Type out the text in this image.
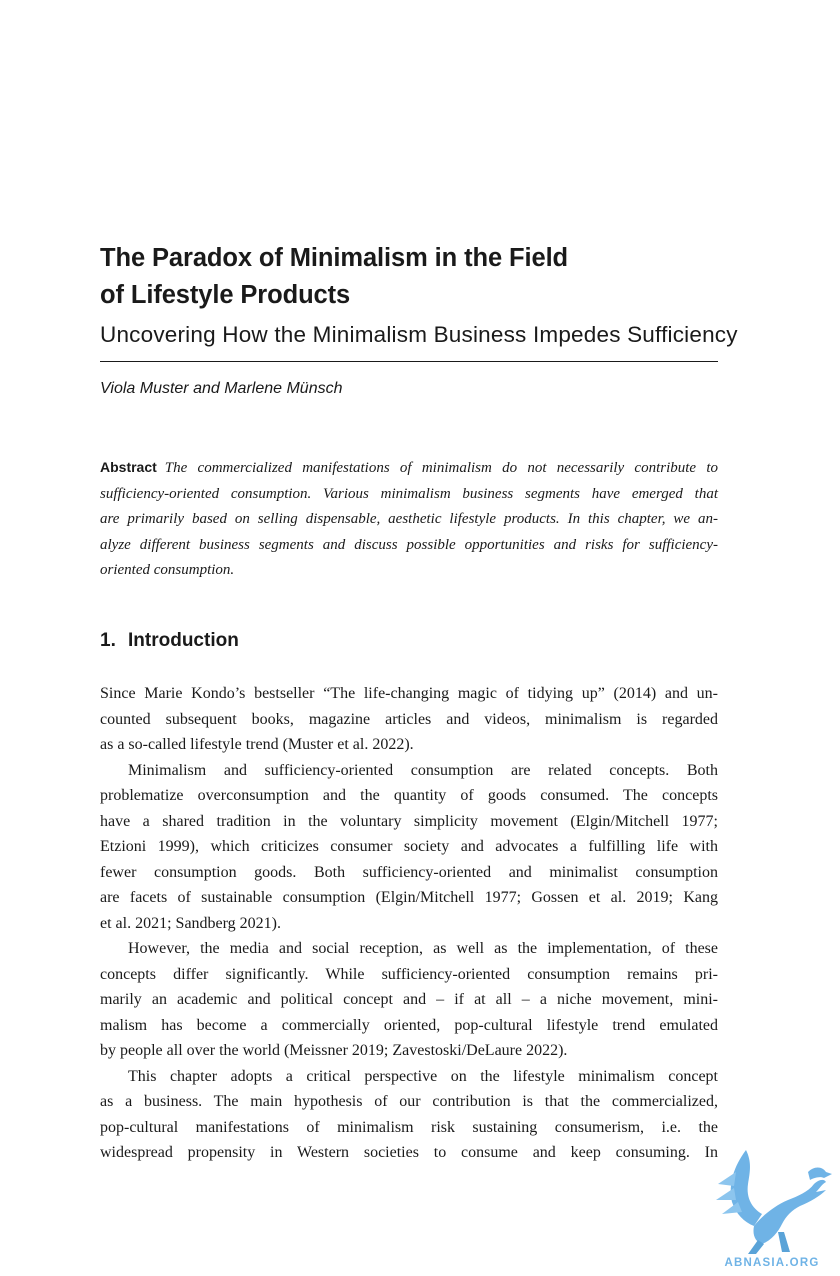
The Paradox of Minimalism in the Field
of Lifestyle Products
Uncovering How the Minimalism Business Impedes Sufficiency
Viola Muster and Marlene Münsch
Abstract The commercialized manifestations of minimalism do not necessarily contribute to
sufficiency-oriented consumption. Various minimalism business segments have emerged that
are primarily based on selling dispensable, aesthetic lifestyle products. In this chapter, we an-
alyze different business segments and discuss possible opportunities and risks for sufficiency-
oriented consumption.
1. Introduction
Since Marie Kondo’s bestseller “The life-changing magic of tidying up” (2014) and un-
counted subsequent books, magazine articles and videos, minimalism is regarded
as a so-called lifestyle trend (Muster et al. 2022).
Minimalism and sufficiency-oriented consumption are related concepts. Both
problematize overconsumption and the quantity of goods consumed. The concepts
have a shared tradition in the voluntary simplicity movement (Elgin/Mitchell 1977;
Etzioni 1999), which criticizes consumer society and advocates a fulfilling life with
fewer consumption goods. Both sufficiency-oriented and minimalist consumption
are facets of sustainable consumption (Elgin/Mitchell 1977; Gossen et al. 2019; Kang
et al. 2021; Sandberg 2021).
However, the media and social reception, as well as the implementation, of these
concepts differ significantly. While sufficiency-oriented consumption remains pri-
marily an academic and political concept and – if at all – a niche movement, mini-
malism has become a commercially oriented, pop-cultural lifestyle trend emulated
by people all over the world (Meissner 2019; Zavestoski/DeLaure 2022).
This chapter adopts a critical perspective on the lifestyle minimalism concept
as a business. The main hypothesis of our contribution is that the commercialized,
pop-cultural manifestations of minimalism risk sustaining consumerism, i.e. the
widespread propensity in Western societies to consume and keep consuming. In
ABNASIA.ORG
